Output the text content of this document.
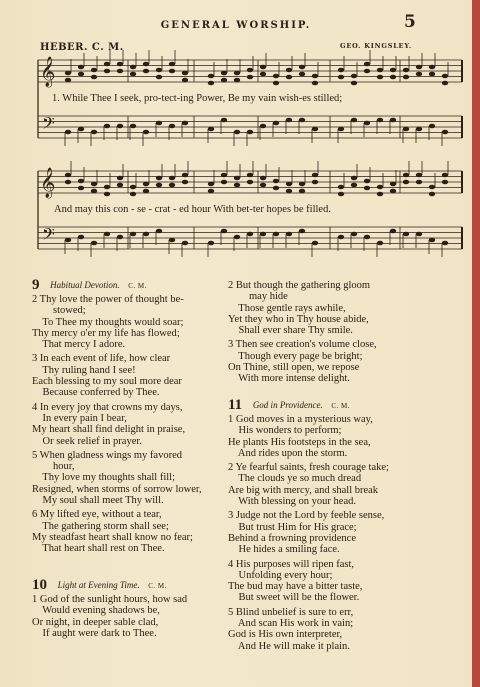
GENERAL WORSHIP.	5
HEBER. C. M.	GEO. KINGSLEY.
𝄞
𝄢
𝄞
𝄢
1. While Thee I seek, pro-tect-ing Power, Be my vain wish-es stilled;
And may this con - se - crat - ed hour With bet-ter hopes be filled.
9 Habitual Devotion. C. M.
2 Thy love the power of thought be-
stowed;
To Thee my thoughts would soar;
Thy mercy o'er my life has flowed;
That mercy I adore.
3 In each event of life, how clear
Thy ruling hand I see!
Each blessing to my soul more dear
Because conferred by Thee.
4 In every joy that crowns my days,
In every pain I bear,
My heart shall find delight in praise,
Or seek relief in prayer.
5 When gladness wings my favored
hour,
Thy love my thoughts shall fill;
Resigned, when storms of sorrow lower,
My soul shall meet Thy will.
6 My lifted eye, without a tear,
The gathering storm shall see;
My steadfast heart shall know no fear;
That heart shall rest on Thee.
10 Light at Evening Time. C. M.
1 God of the sunlight hours, how sad
Would evening shadows be,
Or night, in deeper sable clad,
If aught were dark to Thee.
2 But though the gathering gloom
may hide
Those gentle rays awhile,
Yet they who in Thy house abide,
Shall ever share Thy smile.
3 Then see creation's volume close,
Though every page be bright;
On Thine, still open, we repose
With more intense delight.
11 God in Providence. C. M.
1 God moves in a mysterious way,
His wonders to perform;
He plants His footsteps in the sea,
And rides upon the storm.
2 Ye fearful saints, fresh courage take;
The clouds ye so much dread
Are big with mercy, and shall break
With blessing on your head.
3 Judge not the Lord by feeble sense,
But trust Him for His grace;
Behind a frowning providence
He hides a smiling face.
4 His purposes will ripen fast,
Unfolding every hour;
The bud may have a bitter taste,
But sweet will be the flower.
5 Blind unbelief is sure to err,
And scan His work in vain;
God is His own interpreter,
And He will make it plain.
